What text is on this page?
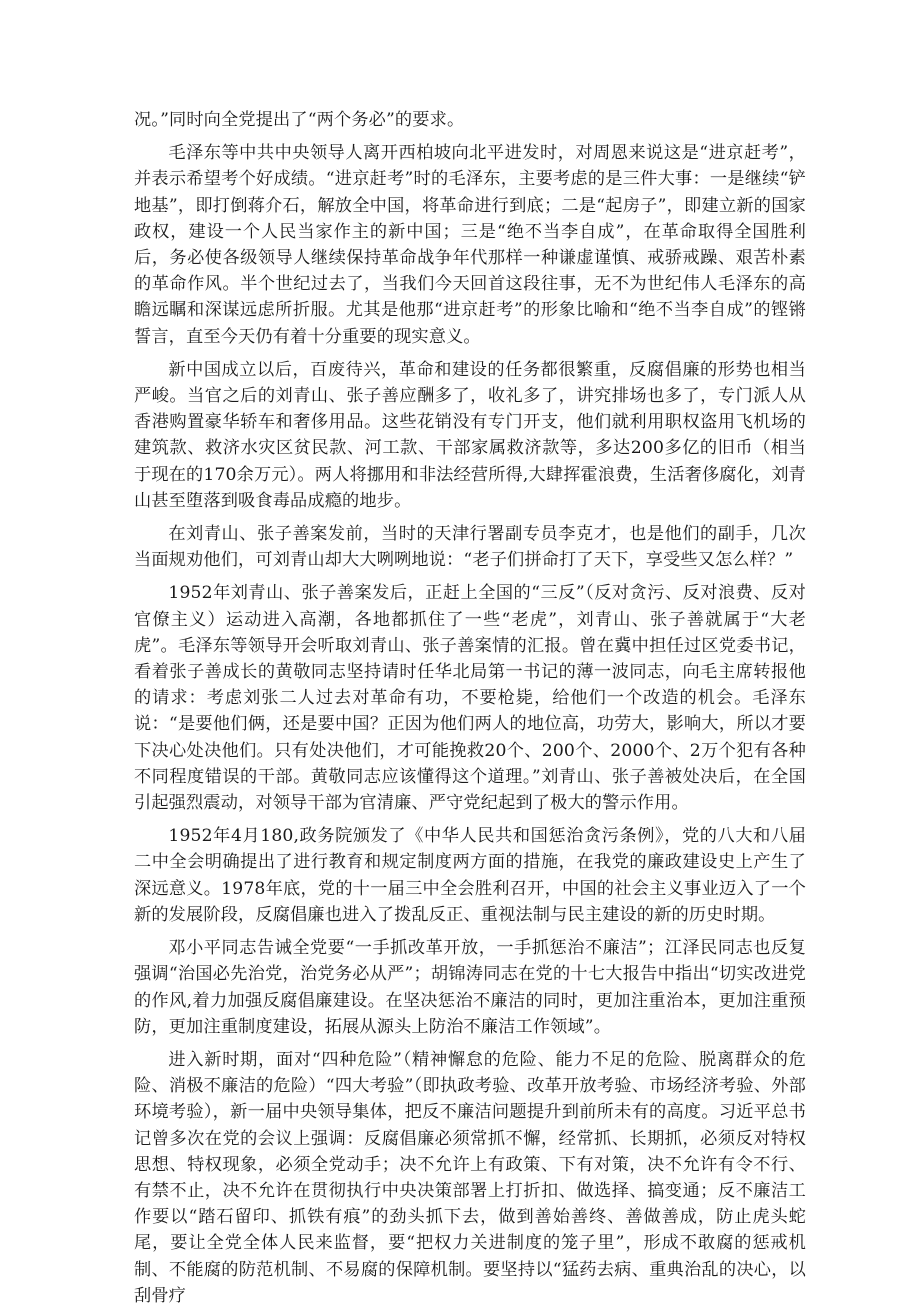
况。”同时向全党提出了“两个务必”的要求。

毛泽东等中共中央领导人离开西柏坡向北平进发时，对周恩来说这是“进京赶考”，并表示希望考个好成绩。“进京赶考”时的毛泽东，主要考虑的是三件大事：一是继续“铲地基”，即打倒蒋介石，解放全中国，将革命进行到底；二是“起房子”，即建立新的国家政权，建设一个人民当家作主的新中国；三是“绝不当李自成”，在革命取得全国胜利后，务必使各级领导人继续保持革命战争年代那样一种谦虚谨慎、戒骄戒躁、艰苦朴素的革命作风。半个世纪过去了，当我们今天回首这段往事，无不为世纪伟人毛泽东的高瞻远瞩和深谋远虑所折服。尤其是他那“进京赶考”的形象比喻和“绝不当李自成”的铿锵誓言，直至今天仍有着十分重要的现实意义。

新中国成立以后，百废待兴，革命和建设的任务都很繁重，反腐倡廉的形势也相当严峻。当官之后的刘青山、张子善应酬多了，收礼多了，讲究排场也多了，专门派人从香港购置豪华轿车和奢侈用品。这些花销没有专门开支，他们就利用职权盗用飞机场的建筑款、救济水灾区贫民款、河工款、干部家属救济款等，多达200多亿的旧币（相当于现在的170余万元）。两人将挪用和非法经营所得,大肆挥霍浪费，生活奢侈腐化，刘青山甚至堕落到吸食毒品成瘾的地步。

在刘青山、张子善案发前，当时的天津行署副专员李克才，也是他们的副手，几次当面规劝他们，可刘青山却大大咧咧地说：“老子们拼命打了天下，享受些又怎么样？”

1952年刘青山、张子善案发后，正赶上全国的“三反”（反对贪污、反对浪费、反对官僚主义）运动进入高潮，各地都抓住了一些“老虎”，刘青山、张子善就属于“大老虎”。毛泽东等领导开会听取刘青山、张子善案情的汇报。曾在冀中担任过区党委书记，看着张子善成长的黄敬同志坚持请时任华北局第一书记的薄一波同志，向毛主席转报他的请求：考虑刘张二人过去对革命有功，不要枪毙，给他们一个改造的机会。毛泽东说：“是要他们俩，还是要中国？正因为他们两人的地位高，功劳大，影响大，所以才要下决心处决他们。只有处决他们，才可能挽救20个、200个、2000个、2万个犯有各种不同程度错误的干部。黄敬同志应该懂得这个道理。”刘青山、张子善被处决后，在全国引起强烈震动，对领导干部为官清廉、严守党纪起到了极大的警示作用。

1952年4月180,政务院颁发了《中华人民共和国惩治贪污条例》，党的八大和八届二中全会明确提出了进行教育和规定制度两方面的措施，在我党的廉政建设史上产生了深远意义。1978年底，党的十一届三中全会胜利召开，中国的社会主义事业迈入了一个新的发展阶段，反腐倡廉也进入了拨乱反正、重视法制与民主建设的新的历史时期。

邓小平同志告诫全党要“一手抓改革开放，一手抓惩治不廉洁”；江泽民同志也反复强调“治国必先治党，治党务必从严”；胡锦涛同志在党的十七大报告中指出“切实改进党的作风,着力加强反腐倡廉建设。在坚决惩治不廉洁的同时，更加注重治本，更加注重预防，更加注重制度建设，拓展从源头上防治不廉洁工作领域”。

进入新时期，面对“四种危险”（精神懈怠的危险、能力不足的危险、脱离群众的危险、消极不廉洁的危险）“四大考验”（即执政考验、改革开放考验、市场经济考验、外部环境考验），新一届中央领导集体，把反不廉洁问题提升到前所未有的高度。习近平总书记曾多次在党的会议上强调：反腐倡廉必须常抓不懈，经常抓、长期抓，必须反对特权思想、特权现象，必须全党动手；决不允许上有政策、下有对策，决不允许有令不行、有禁不止，决不允许在贯彻执行中央决策部署上打折扣、做选择、搞变通；反不廉洁工作要以“踏石留印、抓铁有痕”的劲头抓下去，做到善始善终、善做善成，防止虎头蛇尾，要让全党全体人民来监督，要“把权力关进制度的笼子里”，形成不敢腐的惩戒机制、不能腐的防范机制、不易腐的保障机制。要坚持以“猛药去病、重典治乱的决心，以刮骨疗
